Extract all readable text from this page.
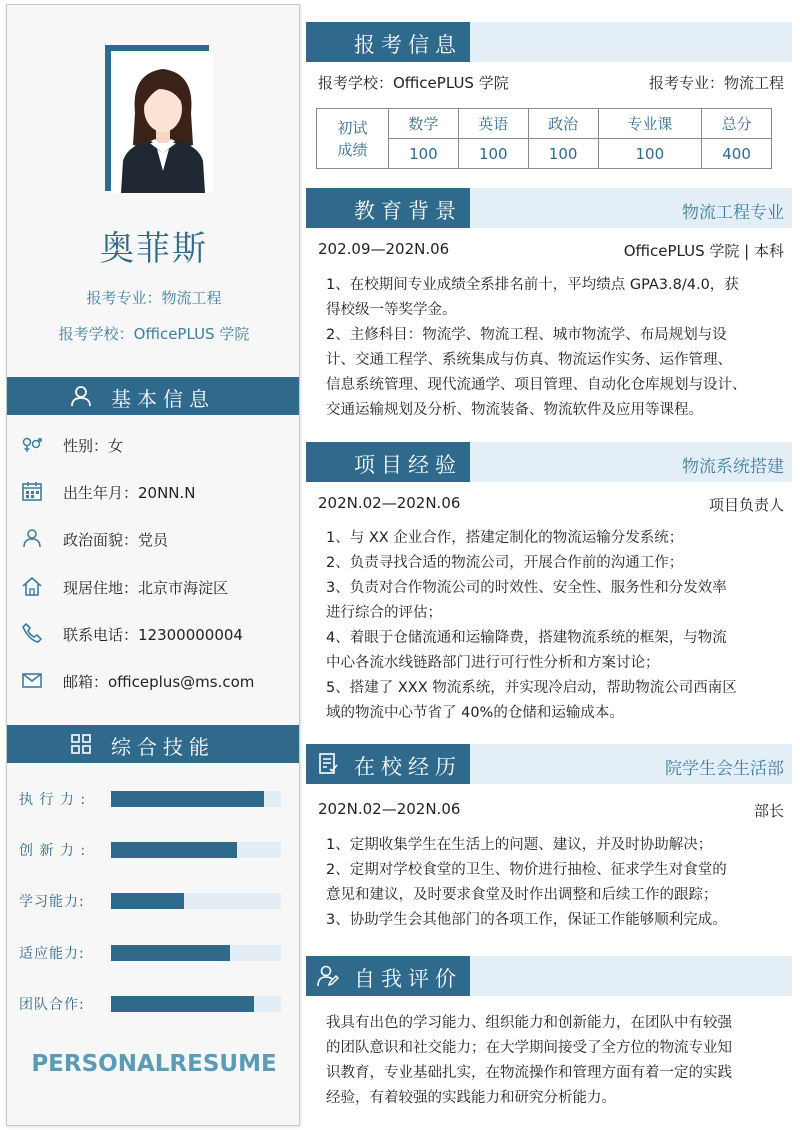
奥菲斯
报考专业：物流工程
报考学校：OfficePLUS 学院
基本信息
性别：女
出生年月：20NN.N
政治面貌：党员
现居住地：北京市海淀区
联系电话：12300000004
邮箱：officeplus@ms.com
综合技能
执 行 力 :
创 新 力 :
学习能力:
适应能力:
团队合作:
PERSONALRESUME
报考信息
报考学校：OfficePLUS 学院	报考专业：物流工程
初试
成绩	数学	英语	政治	专业课	总分
	100	100	100	100	400
教育背景	物流工程专业
202.09—202N.06	OfficePLUS 学院 | 本科
1、在校期间专业成绩全系排名前十，平均绩点 GPA3.8/4.0，获
得校级一等奖学金。
2、主修科目：物流学、物流工程、城市物流学、布局规划与设
计、交通工程学、系统集成与仿真、物流运作实务、运作管理、
信息系统管理、现代流通学、项目管理、自动化仓库规划与设计、
交通运输规划及分析、物流装备、物流软件及应用等课程。
项目经验	物流系统搭建
202N.02—202N.06	项目负责人
1、与 XX 企业合作，搭建定制化的物流运输分发系统；
2、负责寻找合适的物流公司，开展合作前的沟通工作；
3、负责对合作物流公司的时效性、安全性、服务性和分发效率
进行综合的评估；
4、着眼于仓储流通和运输降费，搭建物流系统的框架，与物流
中心各流水线链路部门进行可行性分析和方案讨论；
5、搭建了 XXX 物流系统，并实现冷启动，帮助物流公司西南区
域的物流中心节省了 40%的仓储和运输成本。
在校经历	院学生会生活部
202N.02—202N.06	部长
1、定期收集学生在生活上的问题、建议，并及时协助解决；
2、定期对学校食堂的卫生、物价进行抽检、征求学生对食堂的
意见和建议，及时要求食堂及时作出调整和后续工作的跟踪；
3、协助学生会其他部门的各项工作，保证工作能够顺利完成。
自我评价
我具有出色的学习能力、组织能力和创新能力，在团队中有较强
的团队意识和社交能力；在大学期间接受了全方位的物流专业知
识教育，专业基础扎实，在物流操作和管理方面有着一定的实践
经验，有着较强的实践能力和研究分析能力。
